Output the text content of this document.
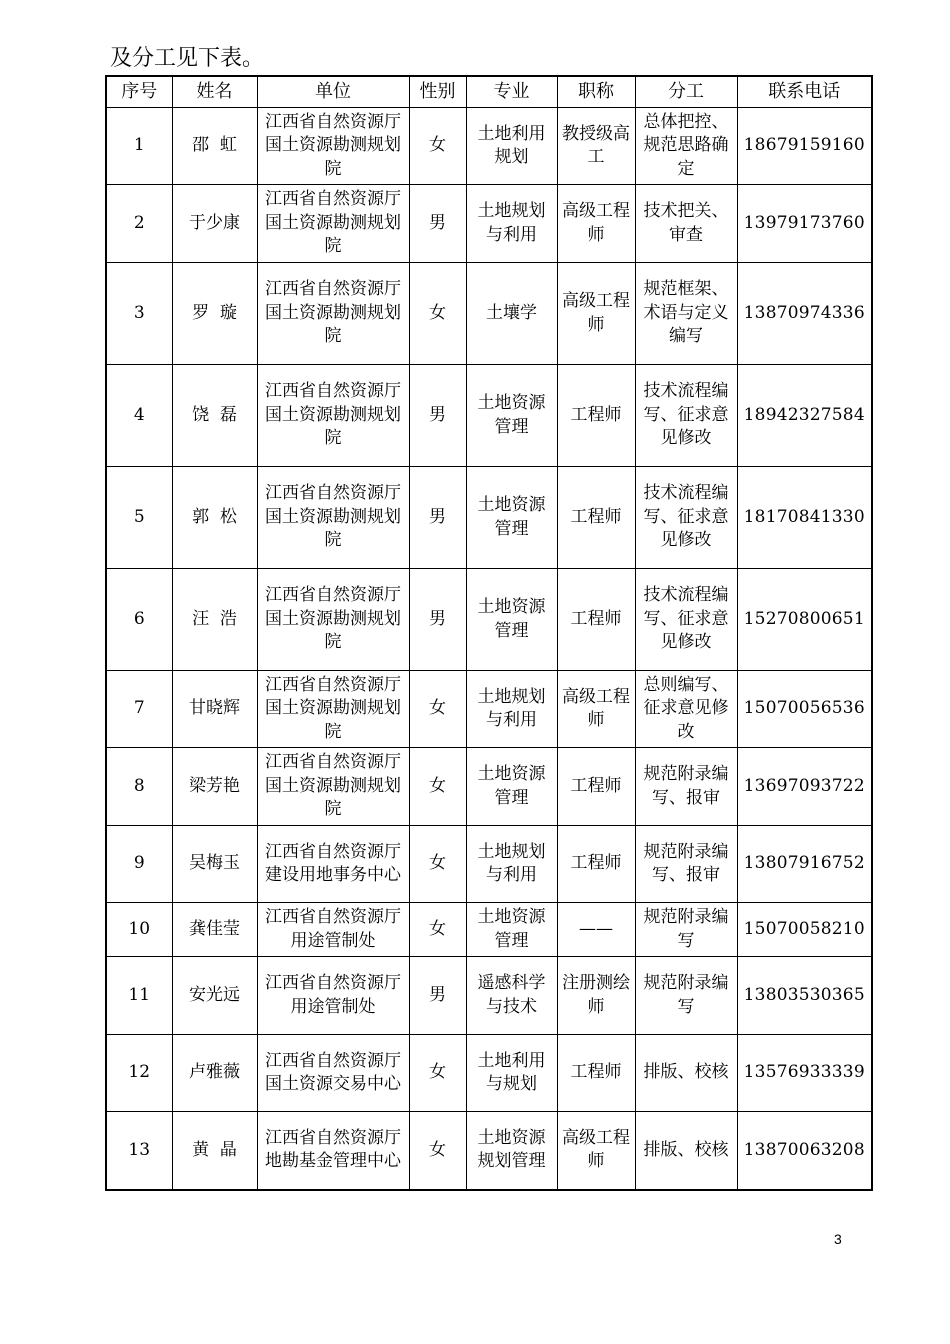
及分工见下表。
序号	姓名	单位	性别	专业	职称	分工	联系电话
1	邵  虹	江西省自然资源厅国土资源勘测规划院	女	土地利用规划	教授级高工	总体把控、规范思路确定	18679159160
2	于少康	江西省自然资源厅国土资源勘测规划院	男	土地规划与利用	高级工程师	技术把关、审查	13979173760
3	罗  璇	江西省自然资源厅国土资源勘测规划院	女	土壤学	高级工程师	规范框架、术语与定义编写	13870974336
4	饶  磊	江西省自然资源厅国土资源勘测规划院	男	土地资源管理	工程师	技术流程编写、征求意见修改	18942327584
5	郭  松	江西省自然资源厅国土资源勘测规划院	男	土地资源管理	工程师	技术流程编写、征求意见修改	18170841330
6	汪  浩	江西省自然资源厅国土资源勘测规划院	男	土地资源管理	工程师	技术流程编写、征求意见修改	15270800651
7	甘晓辉	江西省自然资源厅国土资源勘测规划院	女	土地规划与利用	高级工程师	总则编写、征求意见修改	15070056536
8	梁芳艳	江西省自然资源厅国土资源勘测规划院	女	土地资源管理	工程师	规范附录编写、报审	13697093722
9	吴梅玉	江西省自然资源厅建设用地事务中心	女	土地规划与利用	工程师	规范附录编写、报审	13807916752
10	龚佳莹	江西省自然资源厅用途管制处	女	土地资源管理	——	规范附录编写	15070058210
11	安光远	江西省自然资源厅用途管制处	男	遥感科学与技术	注册测绘师	规范附录编写	13803530365
12	卢雅薇	江西省自然资源厅国土资源交易中心	女	土地利用与规划	工程师	排版、校核	13576933339
13	黄  晶	江西省自然资源厅地勘基金管理中心	女	土地资源规划管理	高级工程师	排版、校核	13870063208
3
